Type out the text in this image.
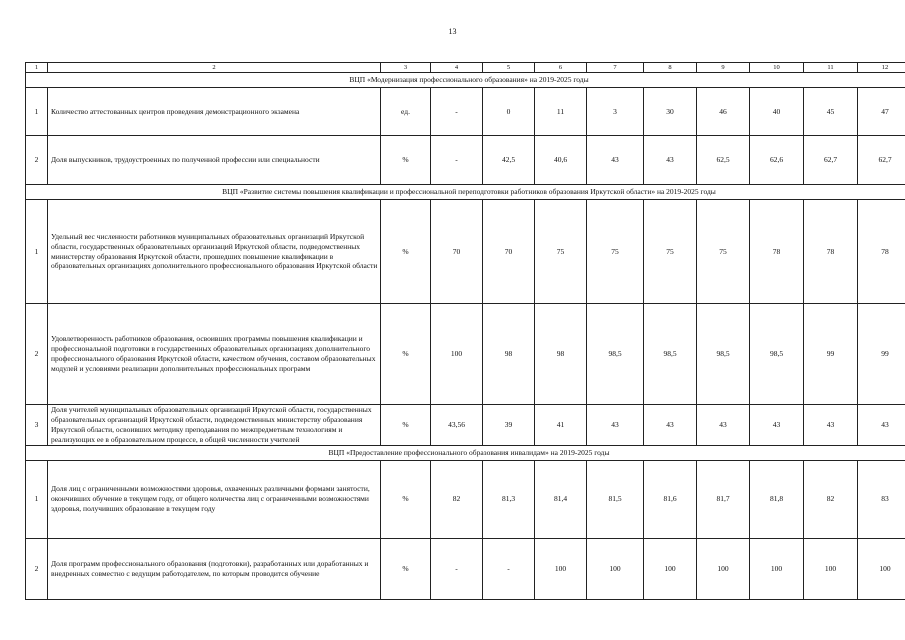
13
1	2	3	4	5	6	7	8	9	10	11	12
ВЦП «Модернизация профессионального образования» на 2019-2025 годы											
1	Количество аттестованных центров проведения демонстрационного экзамена	ед.	-	0	11	3	30	46	40	45	47
2	Доля выпускников, трудоустроенных по полученной профессии или специальности	%	-	42,5	40,6	43	43	62,5	62,6	62,7	62,7
ВЦП «Развитие системы повышения квалификации и профессиональной переподготовки работников образования Иркутской области» на 2019-2025 годы											
1	Удельный вес численности работников муниципальных образовательных организаций Иркутской области, государственных образовательных организаций Иркутской области, подведомственных министерству образования Иркутской области, прошедших повышение квалификации в образовательных организациях дополнительного профессионального образования Иркутской области	%	70	70	75	75	75	75	78	78	78
2	Удовлетворенность работников образования, освоивших программы повышения квалификации и профессиональной подготовки в государственных образовательных организациях дополнительного профессионального образования Иркутской области, качеством обучения, составом образовательных модулей и условиями реализации дополнительных профессиональных программ	%	100	98	98	98,5	98,5	98,5	98,5	99	99
3	Доля учителей муниципальных образовательных организаций Иркутской области, государственных образовательных организаций Иркутской области, подведомственных министерству образования Иркутской области, освоивших методику преподавания по межпредметным технологиям и реализующих ее в образовательном процессе, в общей численности учителей	%	43,56	39	41	43	43	43	43	43	43
ВЦП «Предоставление профессионального образования инвалидам» на 2019-2025 годы											
1	Доля лиц с ограниченными возможностями здоровья, охваченных различными формами занятости, окончивших обучение в текущем году, от общего количества лиц с ограниченными возможностями здоровья, получивших образование в текущем году	%	82	81,3	81,4	81,5	81,6	81,7	81,8	82	83
2	Доля программ профессионального образования (подготовки), разработанных или доработанных и внедренных совместно с ведущим работодателем, по которым проводится обучение	%	-	-	100	100	100	100	100	100	100
